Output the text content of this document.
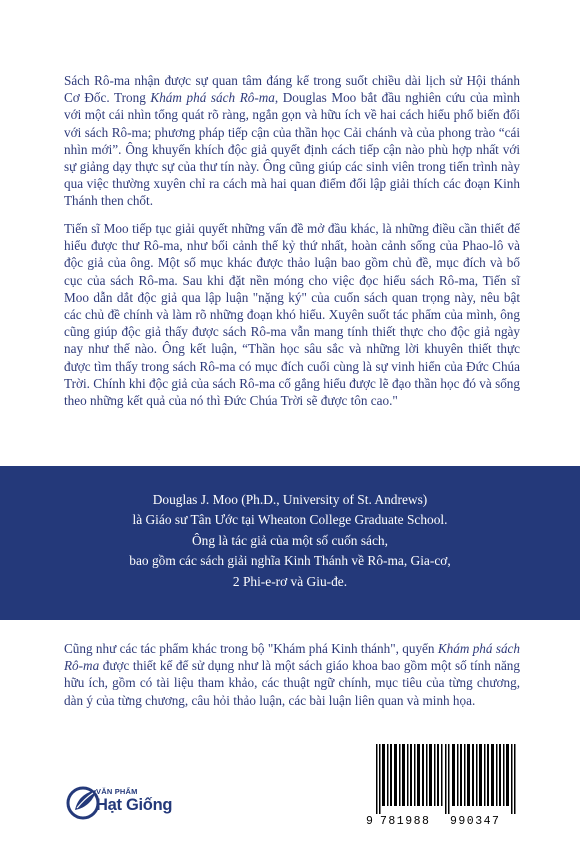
Sách Rô-ma nhận được sự quan tâm đáng kể trong suốt chiều dài lịch sử Hội thánh Cơ Đốc. Trong Khám phá sách Rô-ma, Douglas Moo bắt đầu nghiên cứu của mình với một cái nhìn tổng quát rõ ràng, ngắn gọn và hữu ích về hai cách hiểu phổ biến đối với sách Rô-ma; phương pháp tiếp cận của thần học Cải chánh và của phong trào “cái nhìn mới”. Ông khuyến khích độc giả quyết định cách tiếp cận nào phù hợp nhất với sự giảng dạy thực sự của thư tín này. Ông cũng giúp các sinh viên trong tiến trình này qua việc thường xuyên chỉ ra cách mà hai quan điểm đối lập giải thích các đoạn Kinh Thánh then chốt.

Tiến sĩ Moo tiếp tục giải quyết những vấn đề mở đầu khác, là những điều cần thiết để hiểu được thư Rô-ma, như bối cảnh thế kỷ thứ nhất, hoàn cảnh sống của Phao-lô và độc giả của ông. Một số mục khác được thảo luận bao gồm chủ đề, mục đích và bố cục của sách Rô-ma. Sau khi đặt nền móng cho việc đọc hiểu sách Rô-ma, Tiến sĩ Moo dẫn dắt độc giả qua lập luận "nặng ký" của cuốn sách quan trọng này, nêu bật các chủ đề chính và làm rõ những đoạn khó hiểu. Xuyên suốt tác phẩm của mình, ông cũng giúp độc giả thấy được sách Rô-ma vẫn mang tính thiết thực cho độc giả ngày nay như thế nào. Ông kết luận, “Thần học sâu sắc và những lời khuyên thiết thực được tìm thấy trong sách Rô-ma có mục đích cuối cùng là sự vinh hiển của Đức Chúa Trời. Chính khi độc giả của sách Rô-ma cố gắng hiểu được lẽ đạo thần học đó và sống theo những kết quả của nó thì Đức Chúa Trời sẽ được tôn cao."

Douglas J. Moo (Ph.D., University of St. Andrews)
là Giáo sư Tân Ước tại Wheaton College Graduate School.
Ông là tác giả của một số cuốn sách,
bao gồm các sách giải nghĩa Kinh Thánh về Rô-ma, Gia-cơ,
2 Phi-e-rơ và Giu-đe.

Cũng như các tác phẩm khác trong bộ "Khám phá Kinh thánh", quyển Khám phá sách Rô-ma được thiết kế để sử dụng như là một sách giáo khoa bao gồm một số tính năng hữu ích, gồm có tài liệu tham khảo, các thuật ngữ chính, mục tiêu của từng chương, dàn ý của từng chương, câu hỏi thảo luận, các bài luận liên quan và minh họa.

VĂN PHẨM
Hạt Giống
9 781988 990347
